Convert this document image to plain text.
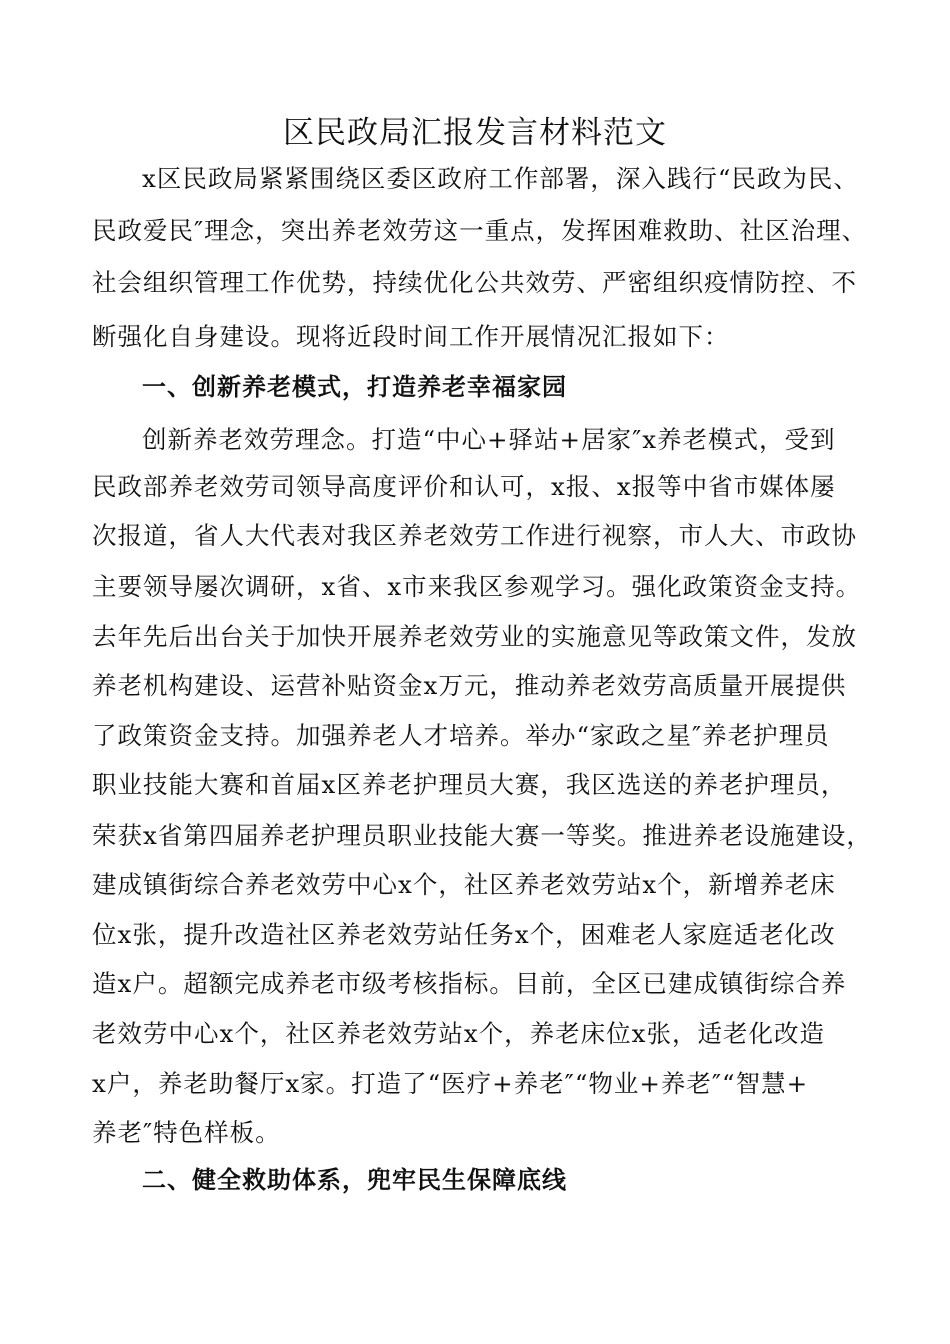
区民政局汇报发言材料范文
x区民政局紧紧围绕区委区政府工作部署，深入践行“民政为民、
民政爱民″理念，突出养老效劳这一重点，发挥困难救助、社区治理、
社会组织管理工作优势，持续优化公共效劳、严密组织疫情防控、不
断强化自身建设。现将近段时间工作开展情况汇报如下：
一、创新养老模式，打造养老幸福家园
创新养老效劳理念。打造“中心+驿站+居家″x养老模式，受到
民政部养老效劳司领导高度评价和认可，x报、x报等中省市媒体屡
次报道，省人大代表对我区养老效劳工作进行视察，市人大、市政协
主要领导屡次调研，x省、x市来我区参观学习。强化政策资金支持。
去年先后出台关于加快开展养老效劳业的实施意见等政策文件，发放
养老机构建设、运营补贴资金x万元，推动养老效劳高质量开展提供
了政策资金支持。加强养老人才培养。举办“家政之星″养老护理员
职业技能大赛和首届x区养老护理员大赛，我区选送的养老护理员，
荣获x省第四届养老护理员职业技能大赛一等奖。推进养老设施建设，
建成镇街综合养老效劳中心x个，社区养老效劳站x个，新增养老床
位x张，提升改造社区养老效劳站任务x个，困难老人家庭适老化改
造x户。超额完成养老市级考核指标。目前，全区已建成镇街综合养
老效劳中心x个，社区养老效劳站x个，养老床位x张，适老化改造
x户，养老助餐厅x家。打造了“医疗+养老″“物业+养老″“智慧+
养老″特色样板。
二、健全救助体系，兜牢民生保障底线
